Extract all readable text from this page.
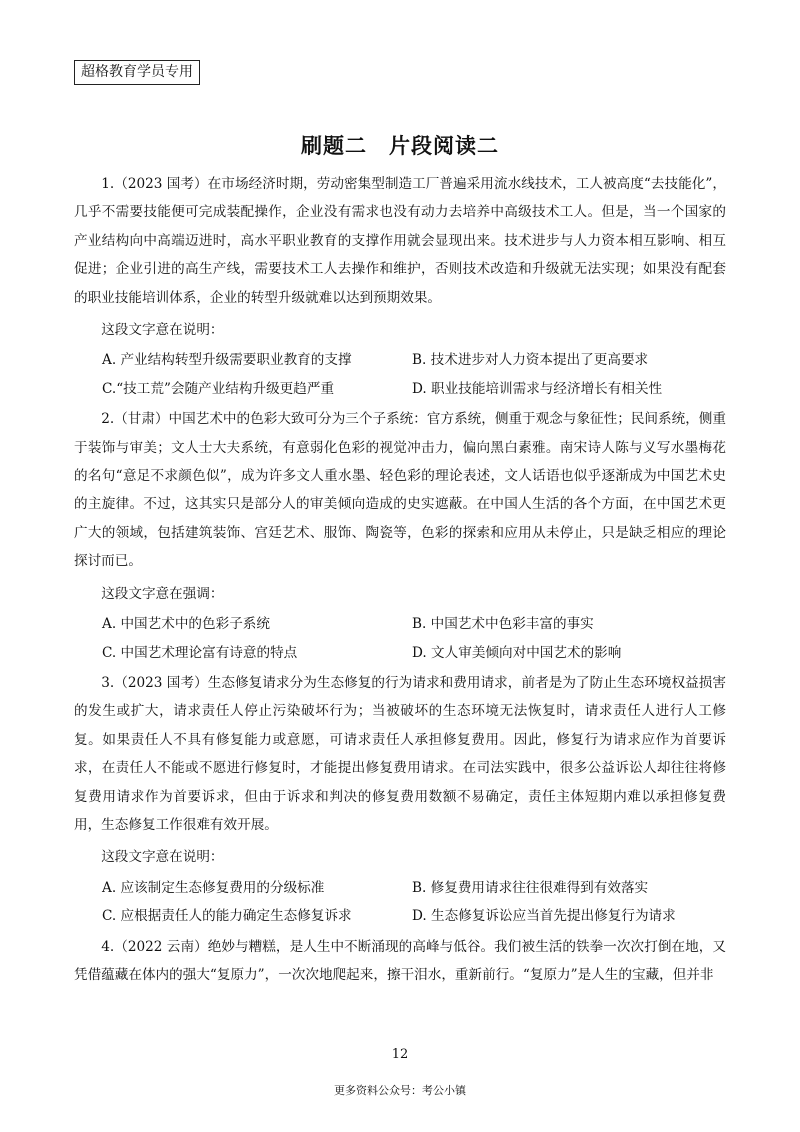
超格教育学员专用
刷题二 片段阅读二

1.（2023 国考）在市场经济时期，劳动密集型制造工厂普遍采用流水线技术，工人被高度“去技能化”，几乎不需要技能便可完成装配操作，企业没有需求也没有动力去培养中高级技术工人。但是，当一个国家的产业结构向中高端迈进时，高水平职业教育的支撑作用就会显现出来。技术进步与人力资本相互影响、相互促进；企业引进的高生产线，需要技术工人去操作和维护，否则技术改造和升级就无法实现；如果没有配套的职业技能培训体系，企业的转型升级就难以达到预期效果。

这段文字意在说明：

A. 产业结构转型升级需要职业教育的支撑	B. 技术进步对人力资本提出了更高要求
C.“技工荒”会随产业结构升级更趋严重	D. 职业技能培训需求与经济增长有相关性

2.（甘肃）中国艺术中的色彩大致可分为三个子系统：官方系统，侧重于观念与象征性；民间系统，侧重于装饰与审美；文人士大夫系统，有意弱化色彩的视觉冲击力，偏向黑白素雅。南宋诗人陈与义写水墨梅花的名句“意足不求颜色似”，成为许多文人重水墨、轻色彩的理论表述，文人话语也似乎逐渐成为中国艺术史的主旋律。不过，这其实只是部分人的审美倾向造成的史实遮蔽。在中国人生活的各个方面，在中国艺术更广大的领域，包括建筑装饰、宫廷艺术、服饰、陶瓷等，色彩的探索和应用从未停止，只是缺乏相应的理论探讨而已。

这段文字意在强调：

A. 中国艺术中的色彩子系统	B. 中国艺术中色彩丰富的事实
C. 中国艺术理论富有诗意的特点	D. 文人审美倾向对中国艺术的影响

3.（2023 国考）生态修复请求分为生态修复的行为请求和费用请求，前者是为了防止生态环境权益损害的发生或扩大，请求责任人停止污染破坏行为；当被破坏的生态环境无法恢复时，请求责任人进行人工修复。如果责任人不具有修复能力或意愿，可请求责任人承担修复费用。因此，修复行为请求应作为首要诉求，在责任人不能或不愿进行修复时，才能提出修复费用请求。在司法实践中，很多公益诉讼人却往往将修复费用请求作为首要诉求，但由于诉求和判决的修复费用数额不易确定，责任主体短期内难以承担修复费用，生态修复工作很难有效开展。

这段文字意在说明：

A. 应该制定生态修复费用的分级标准	B. 修复费用请求往往很难得到有效落实
C. 应根据责任人的能力确定生态修复诉求	D. 生态修复诉讼应当首先提出修复行为请求

4.（2022 云南）绝妙与糟糕，是人生中不断涌现的高峰与低谷。我们被生活的铁拳一次次打倒在地，又凭借蕴藏在体内的强大“复原力”，一次次地爬起来，擦干泪水，重新前行。“复原力”是人生的宝藏，但并非

12
更多资料公众号：考公小镇
